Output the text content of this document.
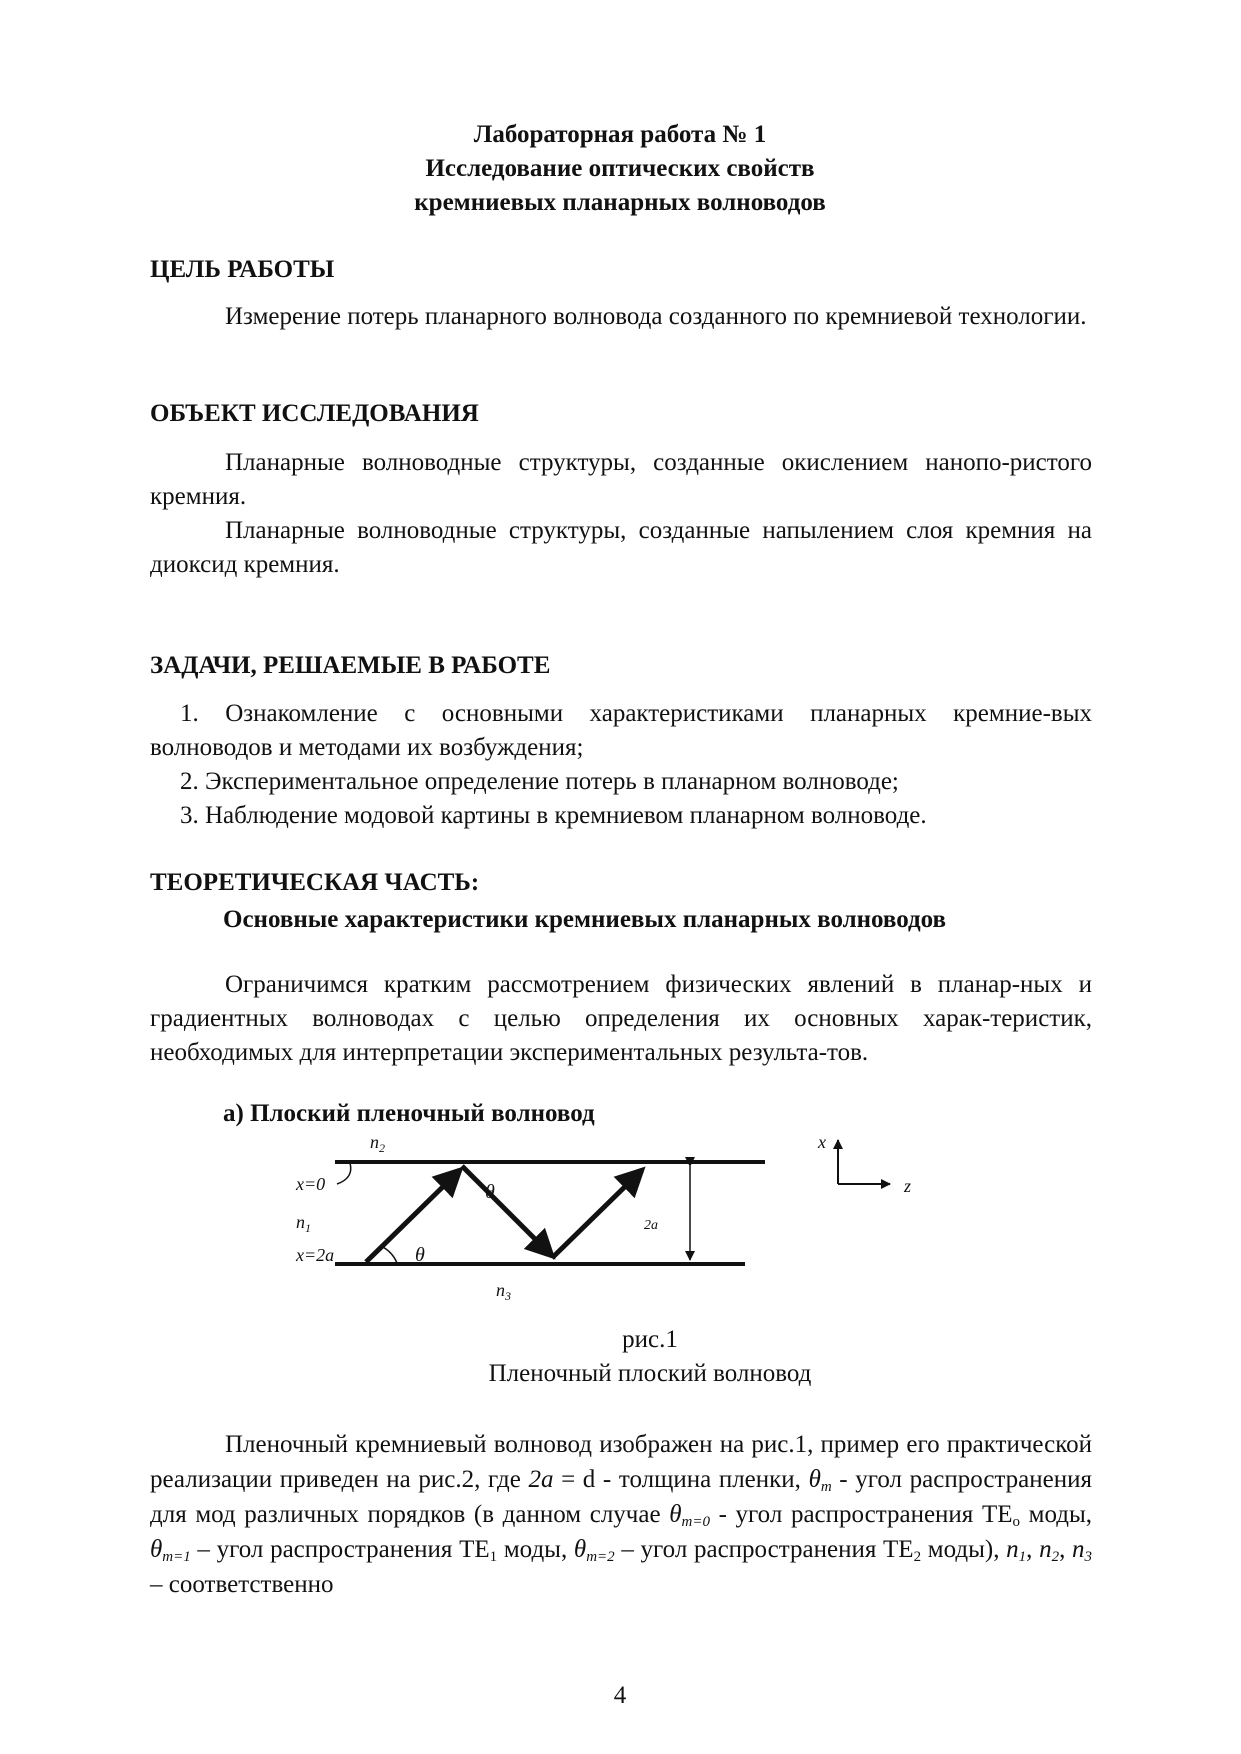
Лабораторная работа № 1
Исследование оптических свойств
кремниевых планарных волноводов
ЦЕЛЬ РАБОТЫ
Измерение потерь планарного волновода созданного по кремниевой технологии.
ОБЪЕКТ ИССЛЕДОВАНИЯ
Планарные волноводные структуры, созданные окислением нанопо-ристого кремния.
Планарные волноводные структуры, созданные напылением слоя кремния на диоксид кремния.
ЗАДАЧИ, РЕШАЕМЫЕ В РАБОТЕ
1. Ознакомление с основными характеристиками планарных кремние-вых волноводов и методами их возбуждения;
2. Экспериментальное определение потерь в планарном волноводе;
3. Наблюдение модовой картины в кремниевом планарном волноводе.
ТЕОРЕТИЧЕСКАЯ ЧАСТЬ:
Основные характеристики кремниевых планарных волноводов
Ограничимся кратким рассмотрением физических явлений в планар-ных и градиентных волноводах с целью определения их основных харак-теристик, необходимых для интерпретации экспериментальных результа-тов.
а) Плоский пленочный волновод
$n_2$
x=0
$n_1$
x=2a
θ
θ
$n_3$
2a
x
z
рис.1
Пленочный плоский волновод
Пленочный кремниевый волновод изображен на рис.1, пример его практической реализации приведен на рис.2, где 2a = d - толщина пленки, $\theta_m$ - угол распространения для мод различных порядков (в данном случае $\theta_{m=0}$ - угол распространения $TE_o$ моды, $\theta_{m=1}$ – угол распространения $TE_1$ моды, $\theta_{m=2}$ – угол распространения $TE_2$ моды), $n_1$, $n_2$, $n_3$ – соответственно
4
